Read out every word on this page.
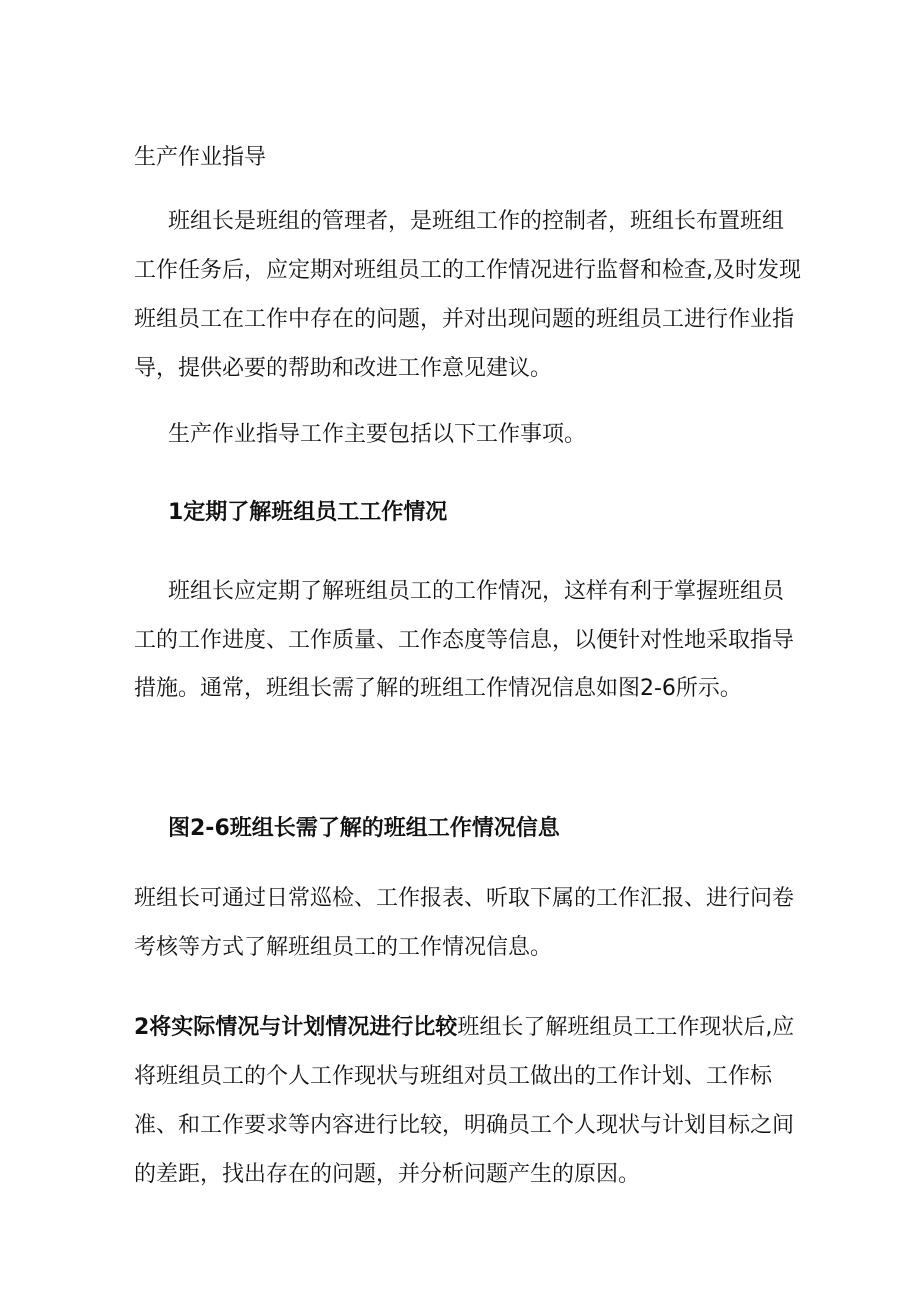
生产作业指导
班组长是班组的管理者，是班组工作的控制者，班组长布置班组
工作任务后，应定期对班组员工的工作情况进行监督和检查,及时发现
班组员工在工作中存在的问题，并对出现问题的班组员工进行作业指
导，提供必要的帮助和改进工作意见建议。
生产作业指导工作主要包括以下工作事项。
1定期了解班组员工工作情况
班组长应定期了解班组员工的工作情况，这样有利于掌握班组员
工的工作进度、工作质量、工作态度等信息，以便针对性地采取指导
措施。通常，班组长需了解的班组工作情况信息如图2-6所示。
图2-6班组长需了解的班组工作情况信息
班组长可通过日常巡检、工作报表、听取下属的工作汇报、进行问卷
考核等方式了解班组员工的工作情况信息。
2将实际情况与计划情况进行比较班组长了解班组员工工作现状后,应
将班组员工的个人工作现状与班组对员工做出的工作计划、工作标
准、和工作要求等内容进行比较，明确员工个人现状与计划目标之间
的差距，找出存在的问题，并分析问题产生的原因。
